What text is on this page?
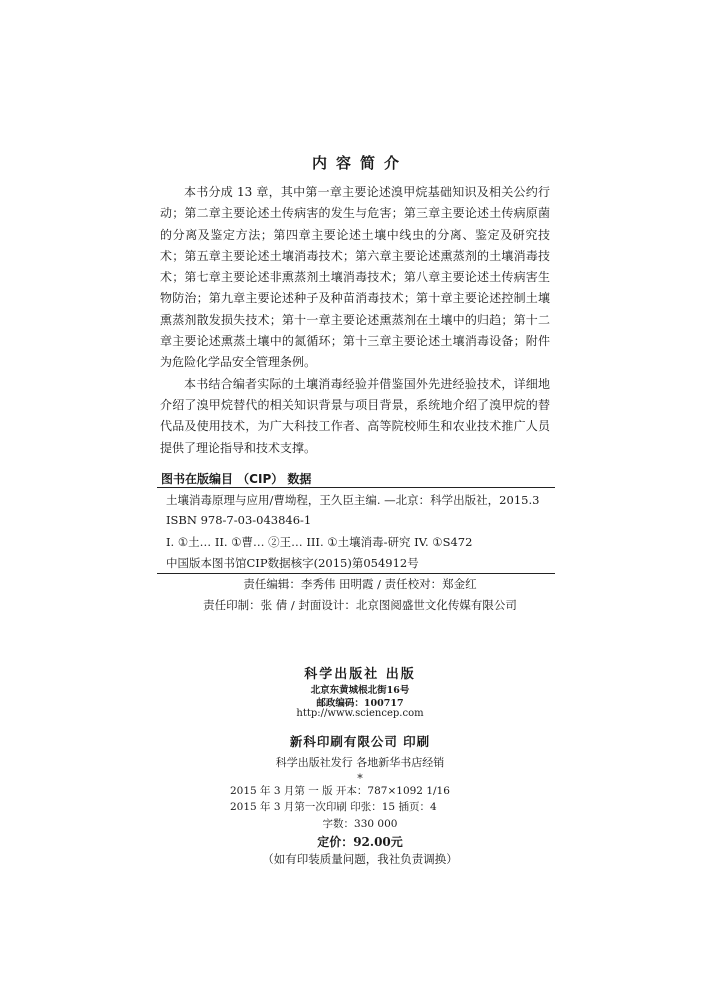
内容简介

本书分成 13 章，其中第一章主要论述溴甲烷基础知识及相关公约行动；第二章主要论述土传病害的发生与危害；第三章主要论述土传病原菌的分离及鉴定方法；第四章主要论述土壤中线虫的分离、鉴定及研究技术；第五章主要论述土壤消毒技术；第六章主要论述熏蒸剂的土壤消毒技术；第七章主要论述非熏蒸剂土壤消毒技术；第八章主要论述土传病害生物防治；第九章主要论述种子及种苗消毒技术；第十章主要论述控制土壤熏蒸剂散发损失技术；第十一章主要论述熏蒸剂在土壤中的归趋；第十二章主要论述熏蒸土壤中的氮循环；第十三章主要论述土壤消毒设备；附件为危险化学品安全管理条例。

本书结合编者实际的土壤消毒经验并借鉴国外先进经验技术，详细地介绍了溴甲烷替代的相关知识背景与项目背景，系统地介绍了溴甲烷的替代品及使用技术，为广大科技工作者、高等院校师生和农业技术推广人员提供了理论指导和技术支撑。

图书在版编目 （CIP） 数据
土壤消毒原理与应用/曹坳程，王久臣主编. —北京：科学出版社，2015.3
ISBN 978-7-03-043846-1
I. ①土… II. ①曹… ②王… III. ①土壤消毒-研究 IV. ①S472
中国版本图书馆CIP数据核字(2015)第054912号
责任编辑：李秀伟 田明霞 / 责任校对：郑金红
责任印制：张 倩 / 封面设计：北京图阅盛世文化传媒有限公司
科学出版社 出版
北京东黄城根北街16号
邮政编码：100717
http://www.sciencep.com
新科印刷有限公司 印刷
科学出版社发行 各地新华书店经销
*
2015 年 3 月第 一 版 开本：787×1092 1/16
2015 年 3 月第一次印刷 印张：15 插页：4
字数：330 000
定价：92.00元
（如有印装质量问题，我社负责调换）
